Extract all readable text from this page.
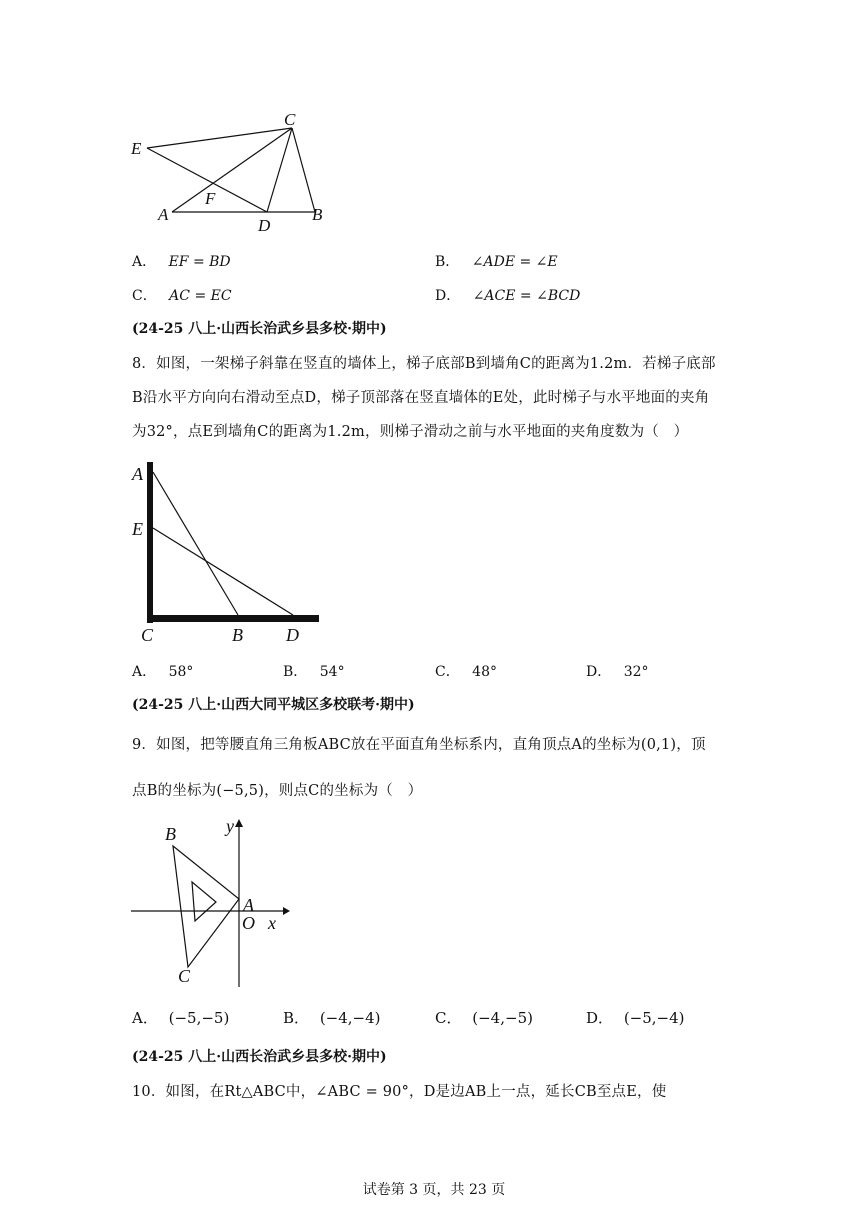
E
C
F
A
D
B
A． EF = BD	B． ∠ADE = ∠E
C． AC = EC	D． ∠ACE = ∠BCD
(24-25 八上·山西长治武乡县多校·期中)
8．如图，一架梯子斜靠在竖直的墙体上，梯子底部B到墙角C的距离为1.2m．若梯子底部
B沿水平方向向右滑动至点D，梯子顶部落在竖直墙体的E处，此时梯子与水平地面的夹角
为32°，点E到墙角C的距离为1.2m，则梯子滑动之前与水平地面的夹角度数为（　）
A
E
C	B D
A． 58°	B． 54°	C． 48°	D． 32°
(24-25 八上·山西大同平城区多校联考·期中)
9．如图，把等腰直角三角板ABC放在平面直角坐标系内，直角顶点A的坐标为(0,1)，顶
点B的坐标为(−5,5)，则点C的坐标为（　）
B	y
A
O x
C
A． (−5,−5)	B． (−4,−4)	C． (−4,−5)	D． (−5,−4)
(24-25 八上·山西长治武乡县多校·期中)
10．如图，在Rt△ABC中，∠ABC = 90°，D是边AB上一点，延长CB至点E，使
试卷第 3 页，共 23 页
